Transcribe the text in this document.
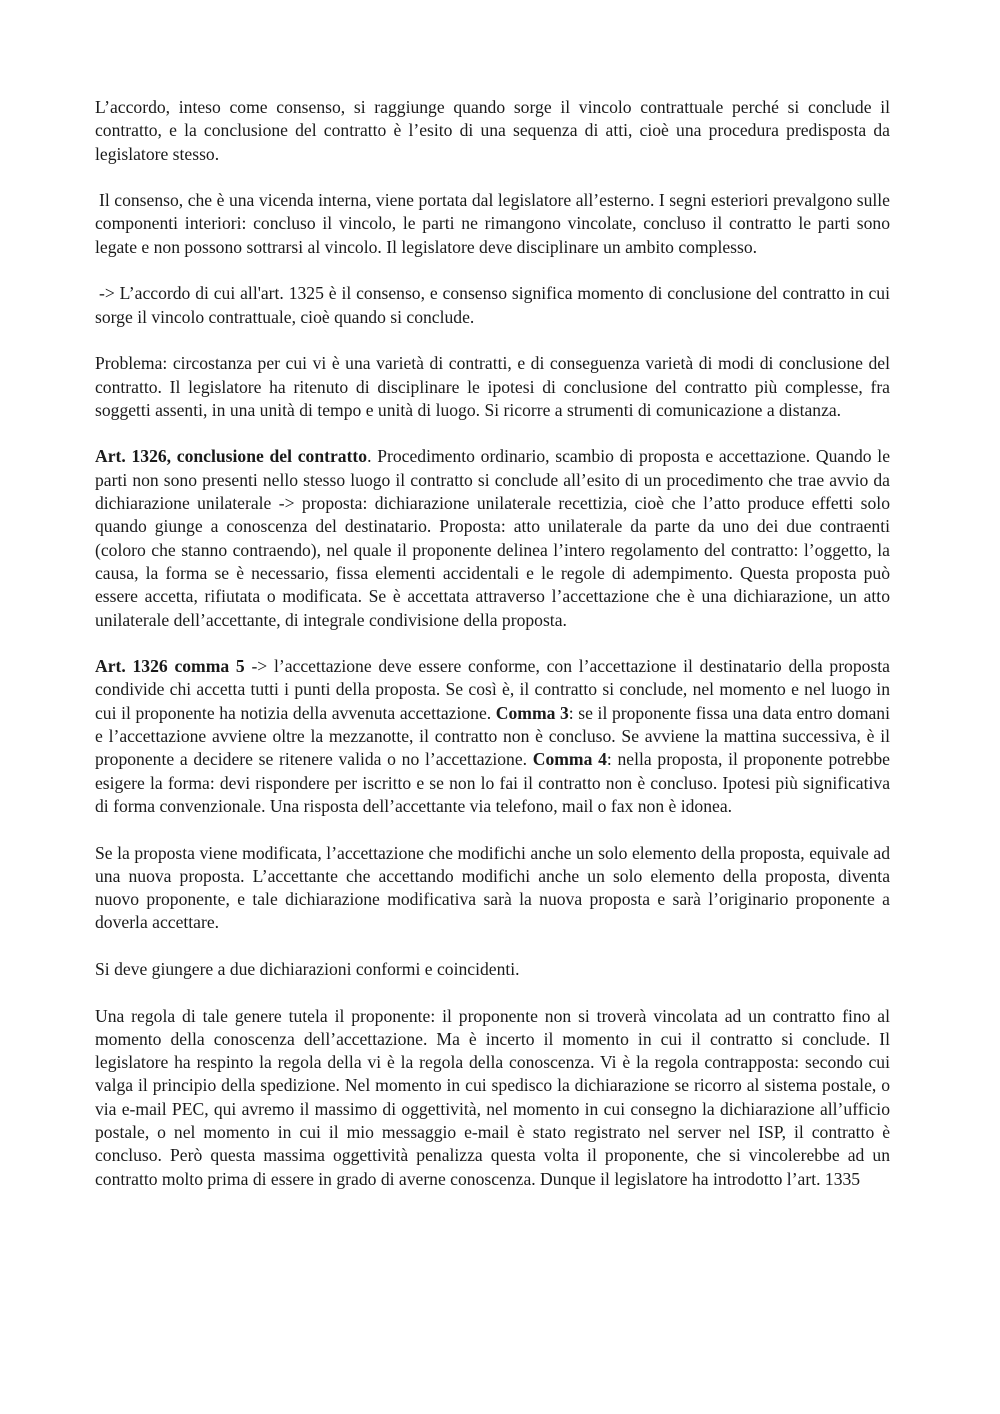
L’accordo, inteso come consenso, si raggiunge quando sorge il vincolo contrattuale perché si conclude il contratto, e la conclusione del contratto è l’esito di una sequenza di atti, cioè una procedura predisposta da legislatore stesso.

Il consenso, che è una vicenda interna, viene portata dal legislatore all’esterno. I segni esteriori prevalgono sulle componenti interiori: concluso il vincolo, le parti ne rimangono vincolate, concluso il contratto le parti sono legate e non possono sottrarsi al vincolo. Il legislatore deve disciplinare un ambito complesso.

-> L’accordo di cui all'art. 1325 è il consenso, e consenso significa momento di conclusione del contratto in cui sorge il vincolo contrattuale, cioè quando si conclude.

Problema: circostanza per cui vi è una varietà di contratti, e di conseguenza varietà di modi di conclusione del contratto. Il legislatore ha ritenuto di disciplinare le ipotesi di conclusione del contratto più complesse, fra soggetti assenti, in una unità di tempo e unità di luogo. Si ricorre a strumenti di comunicazione a distanza.

Art. 1326, conclusione del contratto. Procedimento ordinario, scambio di proposta e accettazione. Quando le parti non sono presenti nello stesso luogo il contratto si conclude all’esito di un procedimento che trae avvio da dichiarazione unilaterale -> proposta: dichiarazione unilaterale recettizia, cioè che l’atto produce effetti solo quando giunge a conoscenza del destinatario. Proposta: atto unilaterale da parte da uno dei due contraenti (coloro che stanno contraendo), nel quale il proponente delinea l’intero regolamento del contratto: l’oggetto, la causa, la forma se è necessario, fissa elementi accidentali e le regole di adempimento. Questa proposta può essere accetta, rifiutata o modificata. Se è accettata attraverso l’accettazione che è una dichiarazione, un atto unilaterale dell’accettante, di integrale condivisione della proposta.

Art. 1326 comma 5 -> l’accettazione deve essere conforme, con l’accettazione il destinatario della proposta condivide chi accetta tutti i punti della proposta. Se così è, il contratto si conclude, nel momento e nel luogo in cui il proponente ha notizia della avvenuta accettazione. Comma 3: se il proponente fissa una data entro domani e l’accettazione avviene oltre la mezzanotte, il contratto non è concluso. Se avviene la mattina successiva, è il proponente a decidere se ritenere valida o no l’accettazione. Comma 4: nella proposta, il proponente potrebbe esigere la forma: devi rispondere per iscritto e se non lo fai il contratto non è concluso. Ipotesi più significativa di forma convenzionale. Una risposta dell’accettante via telefono, mail o fax non è idonea.

Se la proposta viene modificata, l’accettazione che modifichi anche un solo elemento della proposta, equivale ad una nuova proposta. L’accettante che accettando modifichi anche un solo elemento della proposta, diventa nuovo proponente, e tale dichiarazione modificativa sarà la nuova proposta e sarà l’originario proponente a doverla accettare.

Si deve giungere a due dichiarazioni conformi e coincidenti.

Una regola di tale genere tutela il proponente: il proponente non si troverà vincolata ad un contratto fino al momento della conoscenza dell’accettazione. Ma è incerto il momento in cui il contratto si conclude. Il legislatore ha respinto la regola della vi è la regola della conoscenza. Vi è la regola contrapposta: secondo cui valga il principio della spedizione. Nel momento in cui spedisco la dichiarazione se ricorro al sistema postale, o via e-mail PEC, qui avremo il massimo di oggettività, nel momento in cui consegno la dichiarazione all’ufficio postale, o nel momento in cui il mio messaggio e-mail è stato registrato nel server nel ISP, il contratto è concluso. Però questa massima oggettività penalizza questa volta il proponente, che si vincolerebbe ad un contratto molto prima di essere in grado di averne conoscenza. Dunque il legislatore ha introdotto l’art. 1335
